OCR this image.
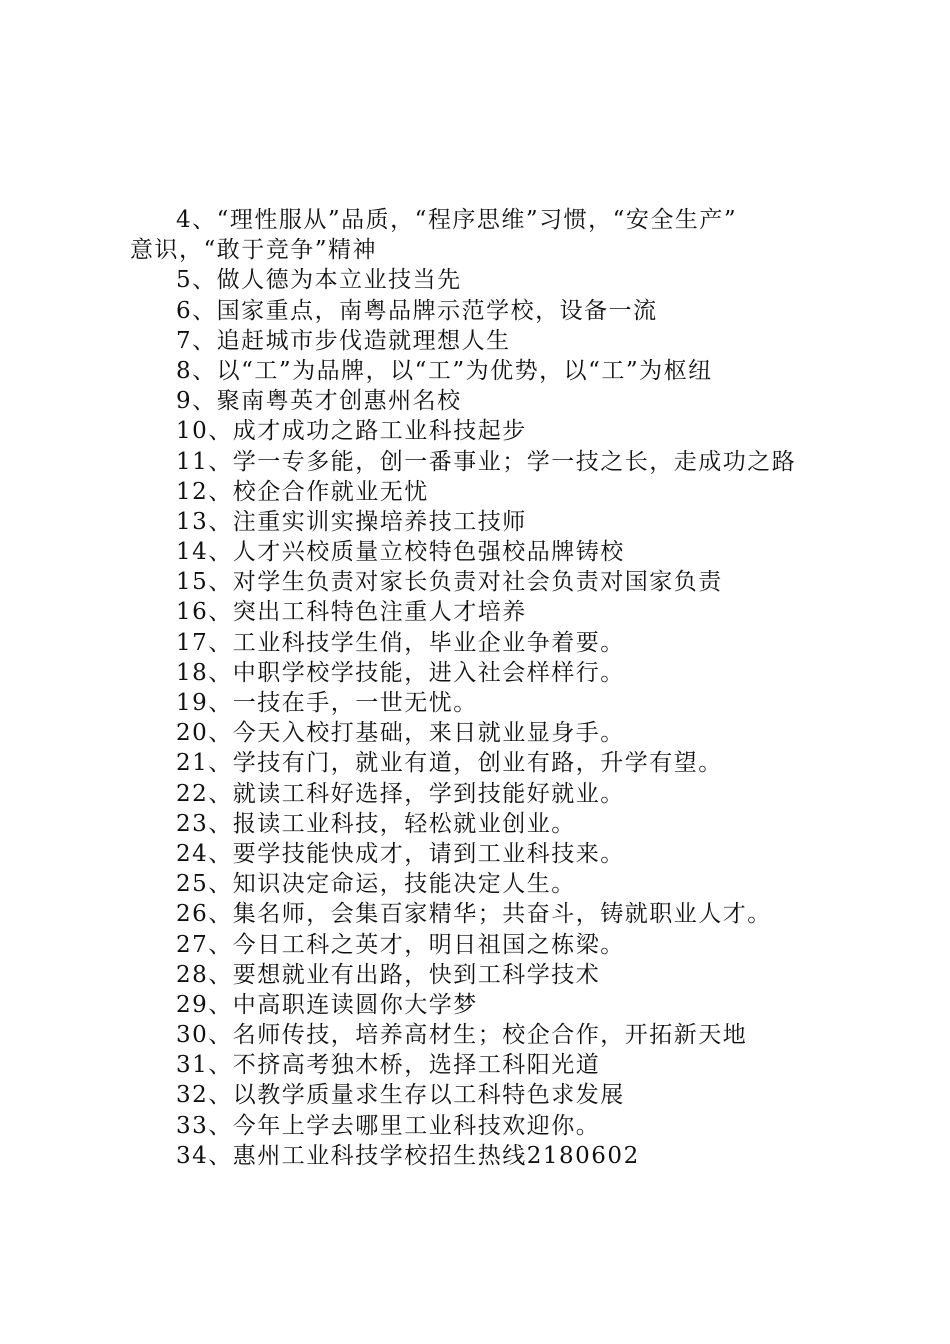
4、“理性服从”品质，“程序思维”习惯，“安全生产”
意识，“敢于竞争”精神
5、做人德为本立业技当先
6、国家重点，南粤品牌示范学校，设备一流
7、追赶城市步伐造就理想人生
8、以“工”为品牌，以“工”为优势，以“工”为枢纽
9、聚南粤英才创惠州名校
10、成才成功之路工业科技起步
11、学一专多能，创一番事业；学一技之长，走成功之路
12、校企合作就业无忧
13、注重实训实操培养技工技师
14、人才兴校质量立校特色强校品牌铸校
15、对学生负责对家长负责对社会负责对国家负责
16、突出工科特色注重人才培养
17、工业科技学生俏，毕业企业争着要。
18、中职学校学技能，进入社会样样行。
19、一技在手，一世无忧。
20、今天入校打基础，来日就业显身手。
21、学技有门，就业有道，创业有路，升学有望。
22、就读工科好选择，学到技能好就业。
23、报读工业科技，轻松就业创业。
24、要学技能快成才，请到工业科技来。
25、知识决定命运，技能决定人生。
26、集名师，会集百家精华；共奋斗，铸就职业人才。
27、今日工科之英才，明日祖国之栋梁。
28、要想就业有出路，快到工科学技术
29、中高职连读圆你大学梦
30、名师传技，培养高材生；校企合作，开拓新天地
31、不挤高考独木桥，选择工科阳光道
32、以教学质量求生存以工科特色求发展
33、今年上学去哪里工业科技欢迎你。
34、惠州工业科技学校招生热线2180602
